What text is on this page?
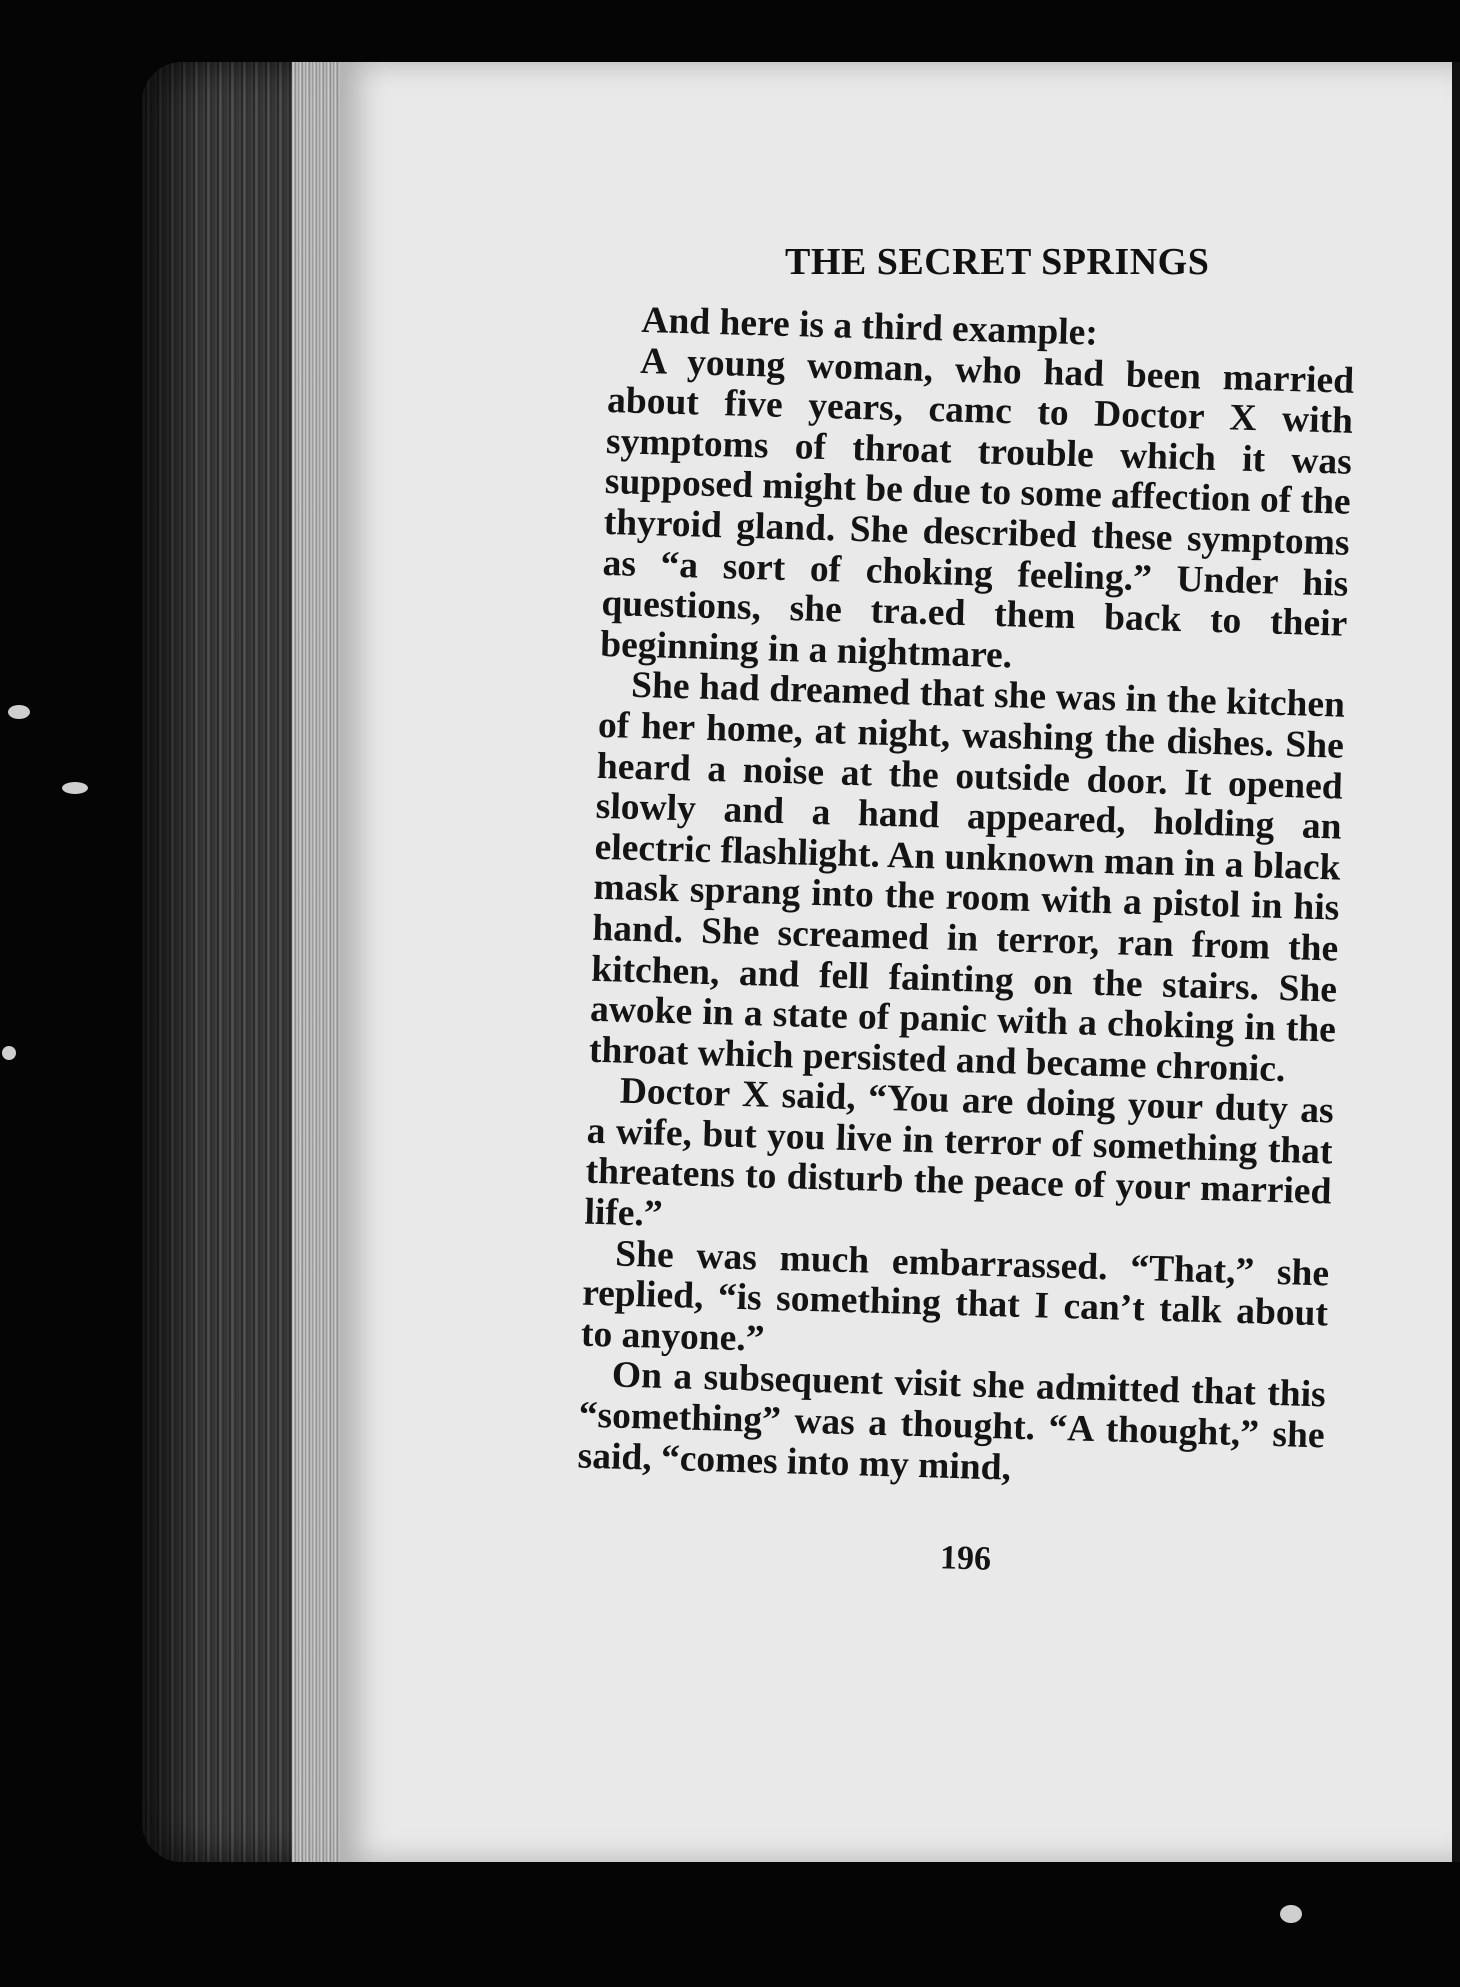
THE SECRET SPRINGS

And here is a third example:

A young woman, who had been married about five years, camc to Doctor X with symptoms of throat trouble which it was supposed might be due to some affection of the thyroid gland. She described these symptoms as “a sort of choking feeling.” Under his questions, she tra.ed them back to their beginning in a nightmare.

She had dreamed that she was in the kitchen of her home, at night, washing the dishes. She heard a noise at the outside door. It opened slowly and a hand appeared, holding an electric flashlight. An unknown man in a black mask sprang into the room with a pistol in his hand. She screamed in terror, ran from the kitchen, and fell fainting on the stairs. She awoke in a state of panic with a choking in the throat which persisted and became chronic.

Doctor X said, “You are doing your duty as a wife, but you live in terror of something that threatens to disturb the peace of your married life.”

She was much embarrassed. “That,” she replied, “is something that I can’t talk about to anyone.”

On a subsequent visit she admitted that this “something” was a thought. “A thought,” she said, “comes into my mind,

196
